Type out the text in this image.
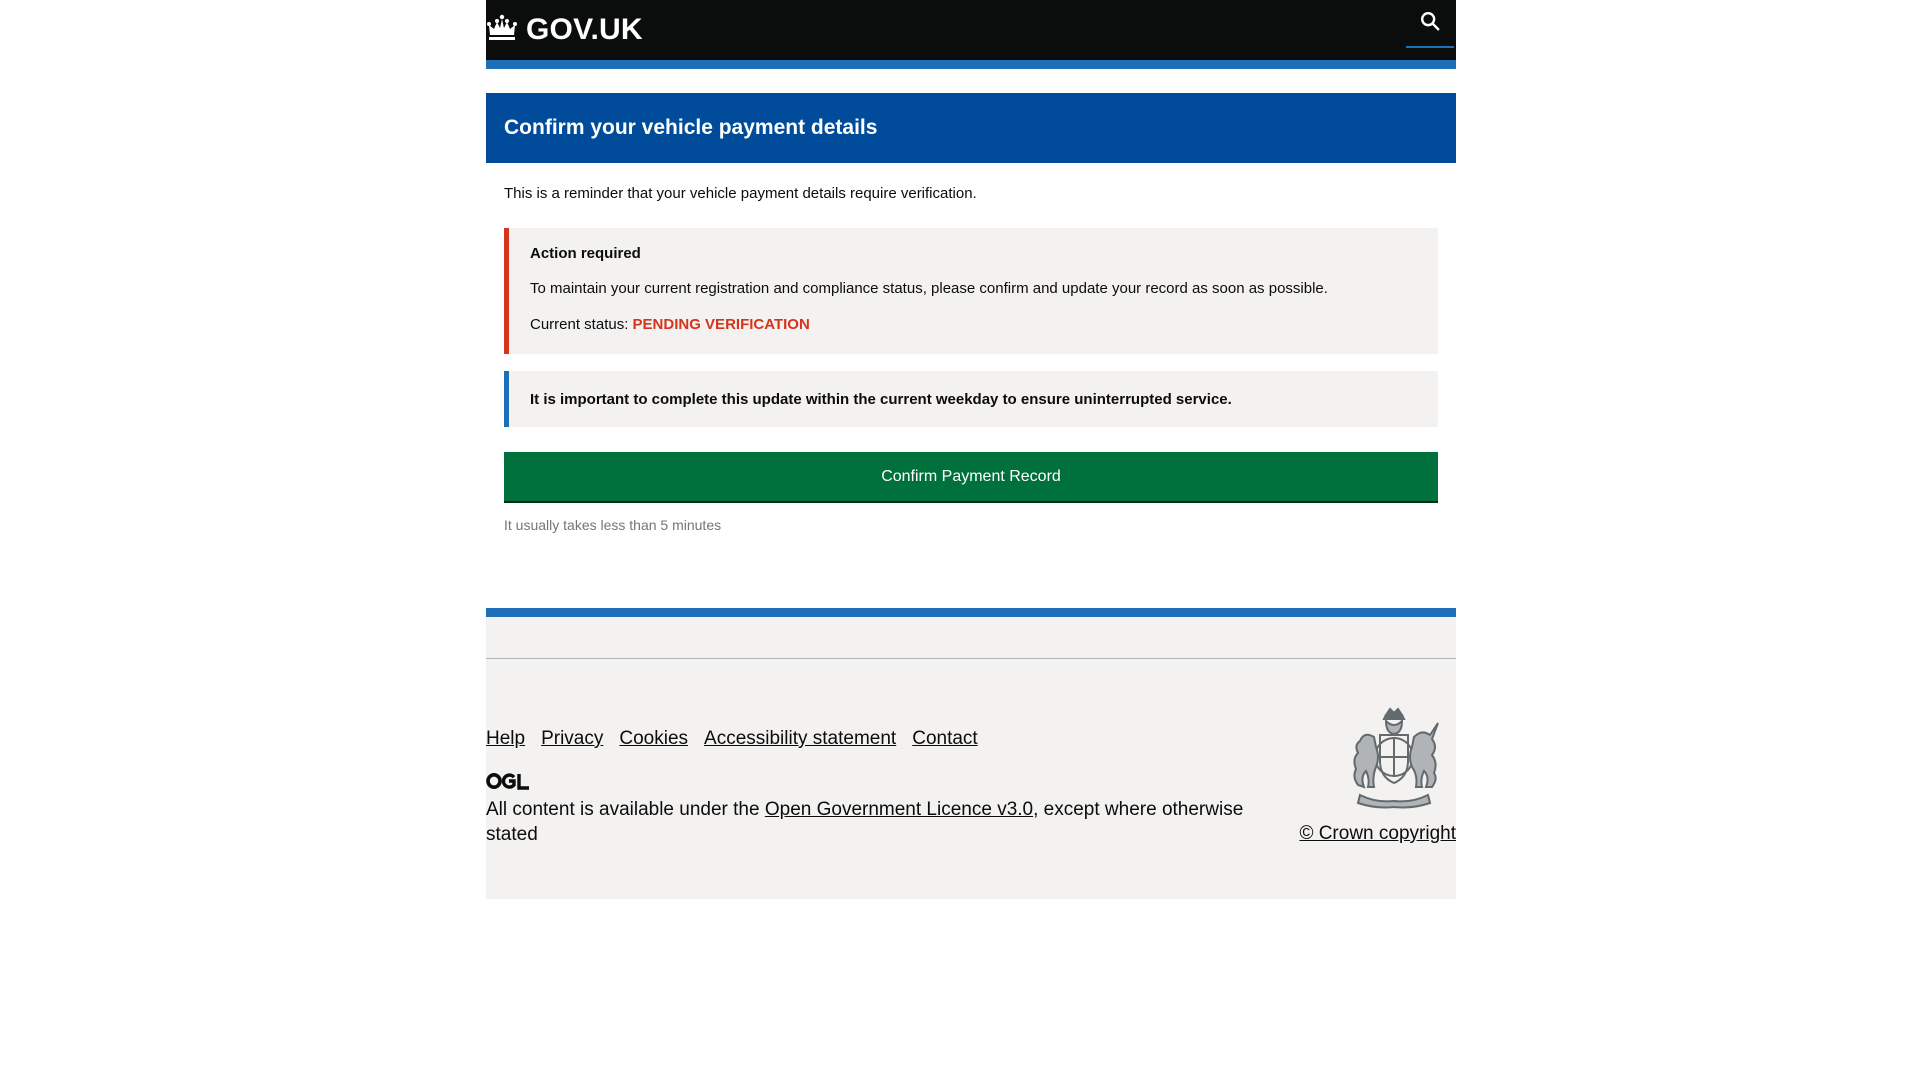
GOV.UK
Confirm your vehicle payment details
This is a reminder that your vehicle payment details require verification.
Action required
To maintain your current registration and compliance status, please confirm and update your record as soon as possible.
Current status: PENDING VERIFICATION
It is important to complete this update within the current weekday to ensure uninterrupted service.
Confirm Payment Record
It usually takes less than 5 minutes
Help Privacy Cookies Accessibility statement Contact
All content is available under the Open Government Licence v3.0, except where otherwise stated	© Crown copyright
